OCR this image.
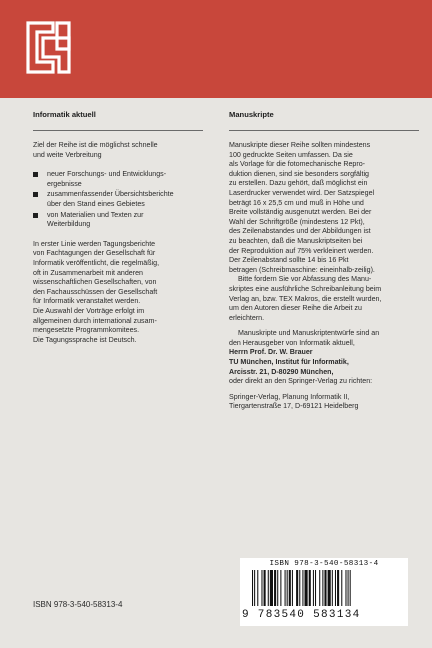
Informatik aktuell

Ziel der Reihe ist die möglichst schnelle
und weite Verbreitung

neuer Forschungs- und Entwicklungs-
ergebnisse
zusammenfassender Übersichtsberichte
über den Stand eines Gebietes
von Materialien und Texten zur
Weiterbildung

In erster Linie werden Tagungsberichte
von Fachtagungen der Gesellschaft für
Informatik veröffentlicht, die regelmäßig,
oft in Zusammenarbeit mit anderen
wissenschaftlichen Gesellschaften, von
den Fachausschüssen der Gesellschaft
für Informatik veranstaltet werden.
Die Auswahl der Vorträge erfolgt im
allgemeinen durch international zusam-
mengesetzte Programmkomitees.
Die Tagungssprache ist Deutsch.

Manuskripte

Manuskripte dieser Reihe sollten mindestens
100 gedruckte Seiten umfassen. Da sie
als Vorlage für die fotomechanische Repro-
duktion dienen, sind sie besonders sorgfältig
zu erstellen. Dazu gehört, daß möglichst ein
Laserdrucker verwendet wird. Der Satzspiegel
beträgt 16 x 25,5 cm und muß in Höhe und
Breite vollständig ausgenutzt werden. Bei der
Wahl der Schriftgröße (mindestens 12 Pkt),
des Zeilenabstandes und der Abbildungen ist
zu beachten, daß die Manuskriptseiten bei
der Reproduktion auf 75% verkleinert werden.
Der Zeilenabstand sollte 14 bis 16 Pkt
betragen (Schreibmaschine: eineinhalb-zeilig).

Bitte fordern Sie vor Abfassung des Manu-
skriptes eine ausführliche Schreibanleitung beim
Verlag an, bzw. TEX Makros, die erstellt wurden,
um den Autoren dieser Reihe die Arbeit zu
erleichtern.

Manuskripte und Manuskriptentwürfe sind an
den Herausgeber von Informatik aktuell,

Herrn Prof. Dr. W. Brauer
TU München, Institut für Informatik,
Arcisstr. 21, D-80290 München,

oder direkt an den Springer-Verlag zu richten:

Springer-Verlag, Planung Informatik II,
Tiergartenstraße 17, D-69121 Heidelberg

ISBN 978-3-540-58313-4
ISBN 978-3-540-58313-4
9 783540 583134
